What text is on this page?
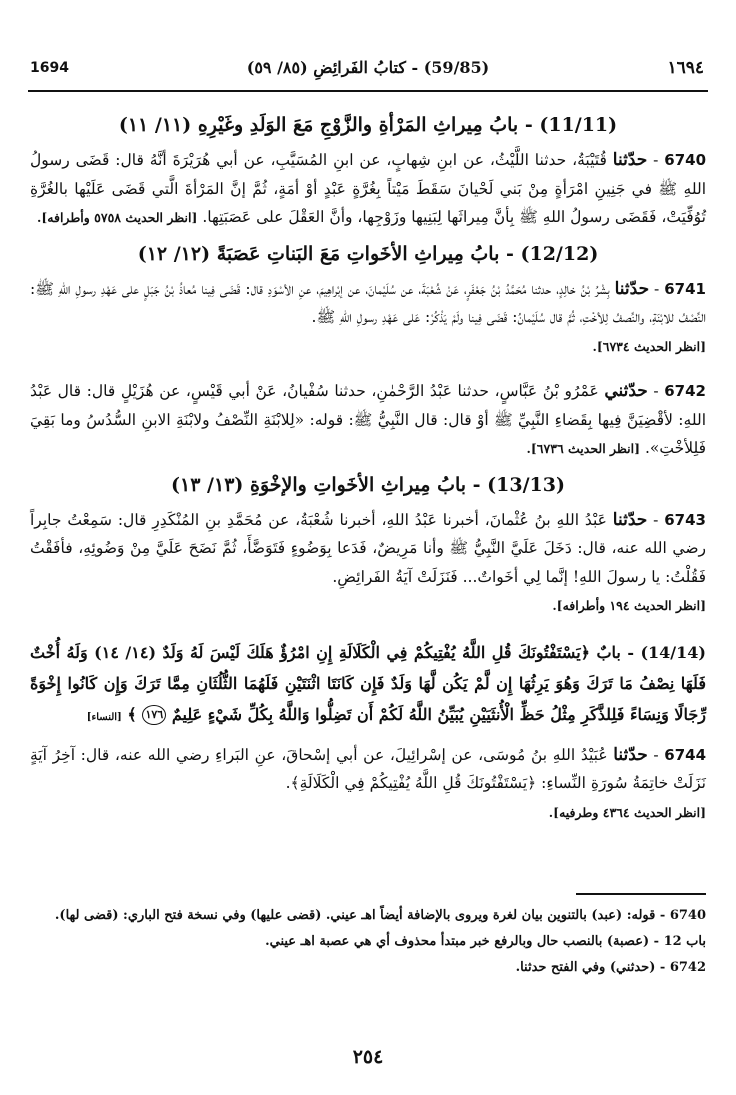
1694	(59/85) - كتابُ الفَرائِضِ (٨٥/ ٥٩)	١٦٩٤
(11/11) - بابُ مِيراثِ المَرْأةِ والزَّوْجِ مَعَ الوَلَدِ وغَيْرِهِ (١١/ ١١)

6740 - حدّثنا قُتَيْبَةُ، حدثنا اللَّيْثُ، عن ابنِ شِهابٍ، عن ابنِ المُسَيَّبِ، عن أبي هُرَيْرَةَ أنَّهُ قال: قَضَى رسولُ اللهِ ﷺ في جَنِينِ امْرَأةٍ مِنْ بَني لَحْيانَ سَقَطَ مَيْتاً بِغُرَّةٍ عَبْدٍ أوْ أمَةٍ، ثُمَّ إنَّ المَرْأةَ الَّتي قَضَى عَلَيْها بالغُرَّةِ تُوُفِّيَتْ، فَقَضَى رسولُ اللهِ ﷺ بِأنَّ مِيراثَها لِبَنِيها وزَوْجِها، وأنَّ العَقْلَ على عَصَبَتِها. [انظر الحديث ٥٧٥٨ وأطرافه].

(12/12) - بابُ مِيراثِ الأخَواتِ مَعَ البَناتِ عَصَبَةً (١٢/ ١٢)

6741 - حدّثنا بِشْرُ بْنُ خالِدٍ، حدثنا مُحَمَّدُ بْنُ جَعْفَرٍ، عَنْ شُعْبَةَ، عن سُلَيْمانَ، عن إبْراهِيمَ، عنِ الأسْوَدِ قال: قَضَى فِينا مُعاذُ بْنُ جَبَلٍ على عَهْدِ رسولِ اللهِ ﷺ: النِّصْفُ للابْنَةِ، والنِّصفُ لِلأخْتِ، ثُمَّ قال سُلَيْمانُ: قَضَى فِينا ولَمْ يَذْكُرْ: عَلى عَهْدِ رسولِ اللهِ ﷺ.
[انظر الحديث ٦٧٣٤].

6742 - حدّثني عَمْرُو بْنُ عَبَّاسٍ، حدثنا عَبْدُ الرَّحْمٰنِ، حدثنا سُفْيانُ، عَنْ أبي قَيْسٍ، عن هُزَيْلٍ قال: قال عَبْدُ اللهِ: لأقْضِيَنَّ فِيها بِقَضاءِ النَّبِيِّ ﷺ أوْ قال: قال النَّبِيُّ ﷺ: قوله: «لِلابْنَةِ النِّصْفُ ولابْنَةِ الابنِ السُّدُسُ وما بَقِيَ فَلِلأخْتِ». [انظر الحديث ٦٧٣٦].

(13/13) - بابُ مِيراثِ الأخَواتِ والإخْوَةِ (١٣/ ١٣)

6743 - حدّثنا عَبْدُ اللهِ بنُ عُثْمانَ، أخبرنا عَبْدُ اللهِ، أخبرنا شُعْبَةُ، عن مُحَمَّدِ بنِ المُنْكَدِرِ قال: سَمِعْتُ جابِراً رضي الله عنه، قال: دَخَلَ عَلَيَّ النَّبِيُّ ﷺ وأنا مَرِيضٌ، فَدَعا بِوَضُوءٍ فَتَوَضَّأَ، ثُمَّ نَضَحَ عَلَيَّ مِنْ وَضُوئِهِ، فأفَقْتُ فَقُلْتُ: يا رسولَ اللهِ! إنَّما لِي أخَواتٌ... فَنَزَلَتْ آيَةُ الفَرائِضِ.
[انظر الحديث ١٩٤ وأطرافه].

(14/14) - بابٌ ﴿يَسْتَفْتُونَكَ قُلِ اللَّهُ يُفْتِيكُمْ فِي الْكَلَالَةِ إِنِ امْرُؤٌ هَلَكَ لَيْسَ لَهُ وَلَدٌ (١٤/ ١٤) وَلَهُ أُخْتٌ فَلَهَا نِصْفُ مَا تَرَكَ وَهُوَ يَرِثُهَا إِن لَّمْ يَكُن لَّهَا وَلَدٌ فَإِن كَانَتَا اثْنَتَيْنِ فَلَهُمَا الثُّلُثَانِ مِمَّا تَرَكَ وَإِن كَانُوا إِخْوَةً رِّجَالًا وَنِسَاءً فَلِلذَّكَرِ مِثْلُ حَظِّ الْأُنثَيَيْنِ يُبَيِّنُ اللَّهُ لَكُمْ أَن تَضِلُّوا وَاللَّهُ بِكُلِّ شَيْءٍ عَلِيمٌ ١٧٦ ﴾ [النساء]

6744 - حدّثنا عُبَيْدُ اللهِ بنُ مُوسَى، عن إسْرائِيلَ، عن أبي إسْحاقَ، عنِ البَراءِ رضي الله عنه، قال: آخِرُ آيَةٍ نَزَلَتْ خاتِمَةُ سُورَةِ النِّساءِ: ﴿يَسْتَفْتُونَكَ قُلِ اللَّهُ يُفْتِيكُمْ فِي الْكَلَالَةِ﴾.
[انظر الحديث ٤٣٦٤ وطرفيه].

6740 - قوله: (عبد) بالتنوين بيان لغرة ويروى بالإضافة أيضاً اهـ عيني. (قضى عليها) وفي نسخة فتح الباري: (قضى لها).

باب 12 - (عصبة) بالنصب حال وبالرفع خبر مبتدأ محذوف أي هي عصبة اهـ عيني.

6742 - (حدثني) وفي الفتح حدثنا.

٢٥٤
